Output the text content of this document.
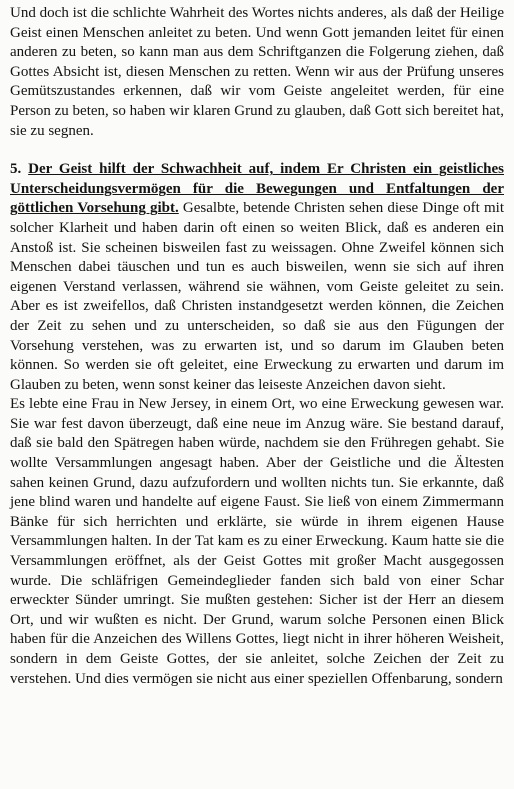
Und doch ist die schlichte Wahrheit des Wortes nichts anderes, als daß der Heilige Geist einen Menschen anleitet zu beten. Und wenn Gott jemanden leitet für einen anderen zu beten, so kann man aus dem Schriftganzen die Folgerung ziehen, daß Gottes Absicht ist, diesen Menschen zu retten. Wenn wir aus der Prüfung unseres Gemütszustandes erkennen, daß wir vom Geiste angeleitet werden, für eine Person zu beten, so haben wir klaren Grund zu glauben, daß Gott sich bereitet hat, sie zu segnen.

5. Der Geist hilft der Schwachheit auf, indem Er Christen ein geistliches Unterscheidungsvermögen für die Bewegungen und Entfaltungen der göttlichen Vorsehung gibt. Gesalbte, betende Christen sehen diese Dinge oft mit solcher Klarheit und haben darin oft einen so weiten Blick, daß es anderen ein Anstoß ist. Sie scheinen bisweilen fast zu weissagen. Ohne Zweifel können sich Menschen dabei täuschen und tun es auch bisweilen, wenn sie sich auf ihren eigenen Verstand verlassen, während sie wähnen, vom Geiste geleitet zu sein. Aber es ist zweifellos, daß Christen instandgesetzt werden können, die Zeichen der Zeit zu sehen und zu unterscheiden, so daß sie aus den Fügungen der Vorsehung verstehen, was zu erwarten ist, und so darum im Glauben beten können. So werden sie oft geleitet, eine Erweckung zu erwarten und darum im Glauben zu beten, wenn sonst keiner das leiseste Anzeichen davon sieht.

Es lebte eine Frau in New Jersey, in einem Ort, wo eine Erweckung gewesen war. Sie war fest davon überzeugt, daß eine neue im Anzug wäre. Sie bestand darauf, daß sie bald den Spätregen haben würde, nachdem sie den Frühregen gehabt. Sie wollte Versammlungen angesagt haben. Aber der Geistliche und die Ältesten sahen keinen Grund, dazu aufzufordern und wollten nichts tun. Sie erkannte, daß jene blind waren und handelte auf eigene Faust. Sie ließ von einem Zimmermann Bänke für sich herrichten und erklärte, sie würde in ihrem eigenen Hause Versammlungen halten. In der Tat kam es zu einer Erweckung. Kaum hatte sie die Versammlungen eröffnet, als der Geist Gottes mit großer Macht ausgegossen wurde. Die schläfrigen Gemeindeglieder fanden sich bald von einer Schar erweckter Sünder umringt. Sie mußten gestehen: Sicher ist der Herr an diesem Ort, und wir wußten es nicht. Der Grund, warum solche Personen einen Blick haben für die Anzeichen des Willens Gottes, liegt nicht in ihrer höheren Weisheit, sondern in dem Geiste Gottes, der sie anleitet, solche Zeichen der Zeit zu verstehen. Und dies vermögen sie nicht aus einer speziellen Offenbarung, sondern
